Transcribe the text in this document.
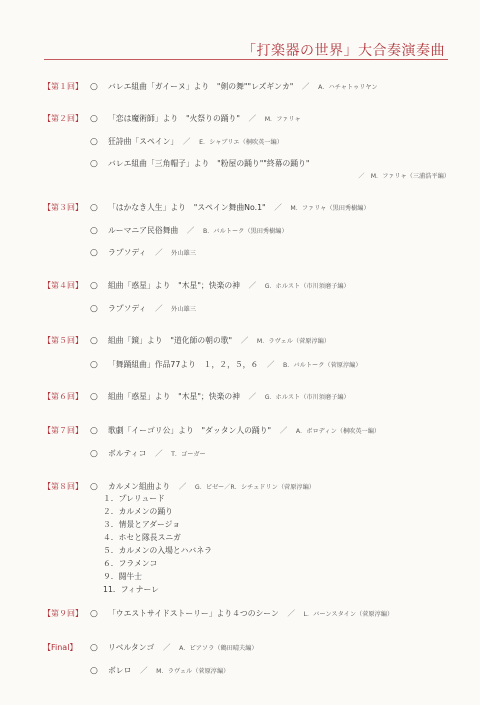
「打楽器の世界」大合奏演奏曲
【第１回】 ○ バレエ組曲「ガイーヌ」より　"剣の舞""レズギンカ"　 ／　 A．ハチャトゥリヤン
【第２回】 ○ 「恋は魔術師」より　"火祭りの踊り"　 ／　 M．ファリャ
○ 狂詩曲「スペイン」　 ／　 E．シャブリエ（桐吹英一編）
○ バレエ組曲「三角帽子」より　"粉屋の踊り""終幕の踊り"
／　 M．ファリャ（三浦浩平編）
【第３回】 ○ 「はかなき人生」より　"スペイン舞曲No.1"　 ／　 M．ファリャ（黒田秀樹編）
○ ルーマニア民俗舞曲　 ／　 B．バルトーク（黒田秀樹編）
○ ラプソディ　 ／　 外山雄三
【第４回】 ○ 組曲「惑星」より　"木星"；快楽の神　 ／　 G．ホルスト（市川須磨子編）
○ ラプソディ　 ／　 外山雄三
【第５回】 ○ 組曲「鏡」より　"道化師の朝の歌"　 ／　 M．ラヴェル（菅原淳編）
○ 「舞踊組曲」作品77より　１，２，５，６　 ／　 B．バルトーク（菅原淳編）
【第６回】 ○ 組曲「惑星」より　"木星"；快楽の神　 ／　 G．ホルスト（市川須磨子編）
【第７回】 ○ 歌劇「イーゴリ公」より　"ダッタン人の踊り"　 ／　 A．ボロディン（桐吹英一編）
○ ボルティコ　 ／　 T．ゴーガー
【第８回】 ○ カルメン組曲より　 ／　 G．ビゼー／R．シチェドリン（菅原淳編）
１．プレリュード
２．カルメンの踊り
３．情景とアダージョ
４．ホセと隊長スニガ
５．カルメンの入場とハバネラ
６．フラメンコ
９．闘牛士
11．フィナーレ
【第９回】 ○ 「ウエストサイドストーリー」より４つのシーン　 ／　 L．バーンスタイン（菅原淳編）
【Final】 ○ リベルタンゴ　 ／　 A．ピアソラ（鶴田晴夫編）
○ ボレロ　 ／　 M．ラヴェル（菅原淳編）
